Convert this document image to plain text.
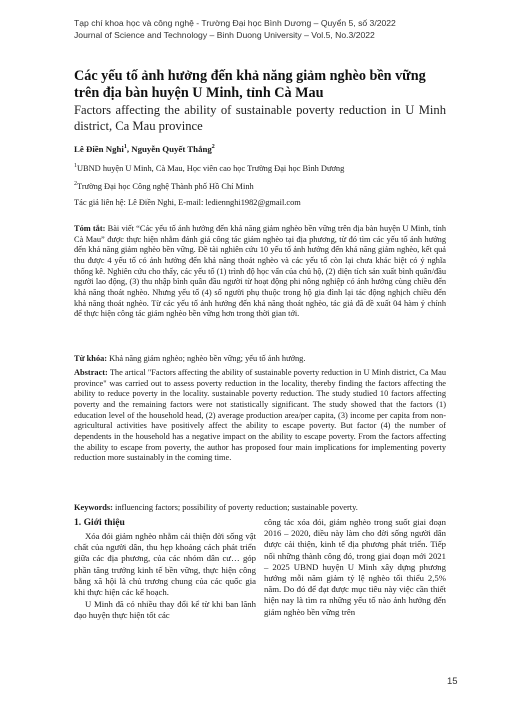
Tạp chí khoa học và công nghệ - Trường Đại học Bình Dương – Quyển 5, số 3/2022
Journal of Science and Technology – Binh Duong University – Vol.5, No.3/2022
Các yếu tố ảnh hưởng đến khả năng giảm nghèo bền vững trên địa bàn huyện U Minh, tỉnh Cà Mau
Factors affecting the ability of sustainable poverty reduction in U Minh district, Ca Mau province
Lê Điền Nghi$^1$, Nguyễn Quyết Thắng$^2$
$^1$UBND huyện U Minh, Cà Mau, Học viên cao học Trường Đại học Bình Dương
$^2$Trường Đại học Công nghệ Thành phố Hồ Chí Minh
Tác giả liên hệ: Lê Điền Nghi, E-mail: lediennghi1982@gmail.com
Tóm tắt: Bài viết “Các yếu tố ảnh hưởng đến khả năng giảm nghèo bền vững trên địa bàn huyện U Minh, tỉnh Cà Mau” được thực hiện nhằm đánh giá công tác giảm nghèo tại địa phương, từ đó tìm các yếu tố ảnh hưởng đến khả năng giảm nghèo bền vững. Đề tài nghiên cứu 10 yếu tố ảnh hưởng đến khả năng giảm nghèo, kết quả thu được 4 yếu tố có ảnh hưởng đến khả năng thoát nghèo và các yếu tố còn lại chưa khác biệt có ý nghĩa thống kê. Nghiên cứu cho thấy, các yếu tố (1) trình độ học vấn của chủ hộ, (2) diện tích sản xuất bình quân/đầu người lao động, (3) thu nhập bình quân đầu người từ hoạt động phi nông nghiệp có ảnh hưởng cùng chiều đến khả năng thoát nghèo. Nhưng yếu tố (4) số người phụ thuộc trong hộ gia đình lại tác động nghịch chiều đến khả năng thoát nghèo. Từ các yếu tố ảnh hưởng đến khả năng thoát nghèo, tác giả đã đề xuất 04 hàm ý chính để thực hiện công tác giảm nghèo bền vững hơn trong thời gian tới.
Từ khóa: Khả năng giảm nghèo; nghèo bền vững; yếu tố ảnh hưởng.
Abstract: The artical "Factors affecting the ability of sustainable poverty reduction in U Minh district, Ca Mau province" was carried out to assess poverty reduction in the locality, thereby finding the factors affecting the ability to reduce poverty in the locality. sustainable poverty reduction. The study studied 10 factors affecting poverty and the remaining factors were not statistically significant. The study showed that the factors (1) education level of the household head, (2) average production area/per capita, (3) income per capita from non-agricultural activities have positively affect the ability to escape poverty. But factor (4) the number of dependents in the household has a negative impact on the ability to escape poverty. From the factors affecting the ability to escape from poverty, the author has proposed four main implications for implementing poverty reduction more sustainably in the coming time.
Keywords: influencing factors; possibility of poverty reduction; sustainable poverty.
1. Giới thiệu

Xóa đói giảm nghèo nhằm cải thiện đời sống vật chất của người dân, thu hẹp khoảng cách phát triển giữa các địa phương, của các nhóm dân cư… góp phần tăng trưởng kinh tế bền vững, thực hiện công bằng xã hội là chủ trương chung của các quốc gia khi thực hiện các kế hoạch.

U Minh đã có nhiều thay đổi kể từ khi ban lãnh đạo huyện thực hiện tốt các

công tác xóa đói, giảm nghèo trong suốt giai đoạn 2016 – 2020, điều này làm cho đời sống người dân được cải thiện, kinh tế địa phương phát triển. Tiếp nối những thành công đó, trong giai đoạn mới 2021 – 2025 UBND huyện U Minh xây dựng phương hướng mỗi năm giảm tỷ lệ nghèo tối thiểu 2,5% năm. Do đó để đạt được mục tiêu này việc cần thiết hiện nay là tìm ra những yếu tố nào ảnh hưởng đến giảm nghèo bền vững trên

15
